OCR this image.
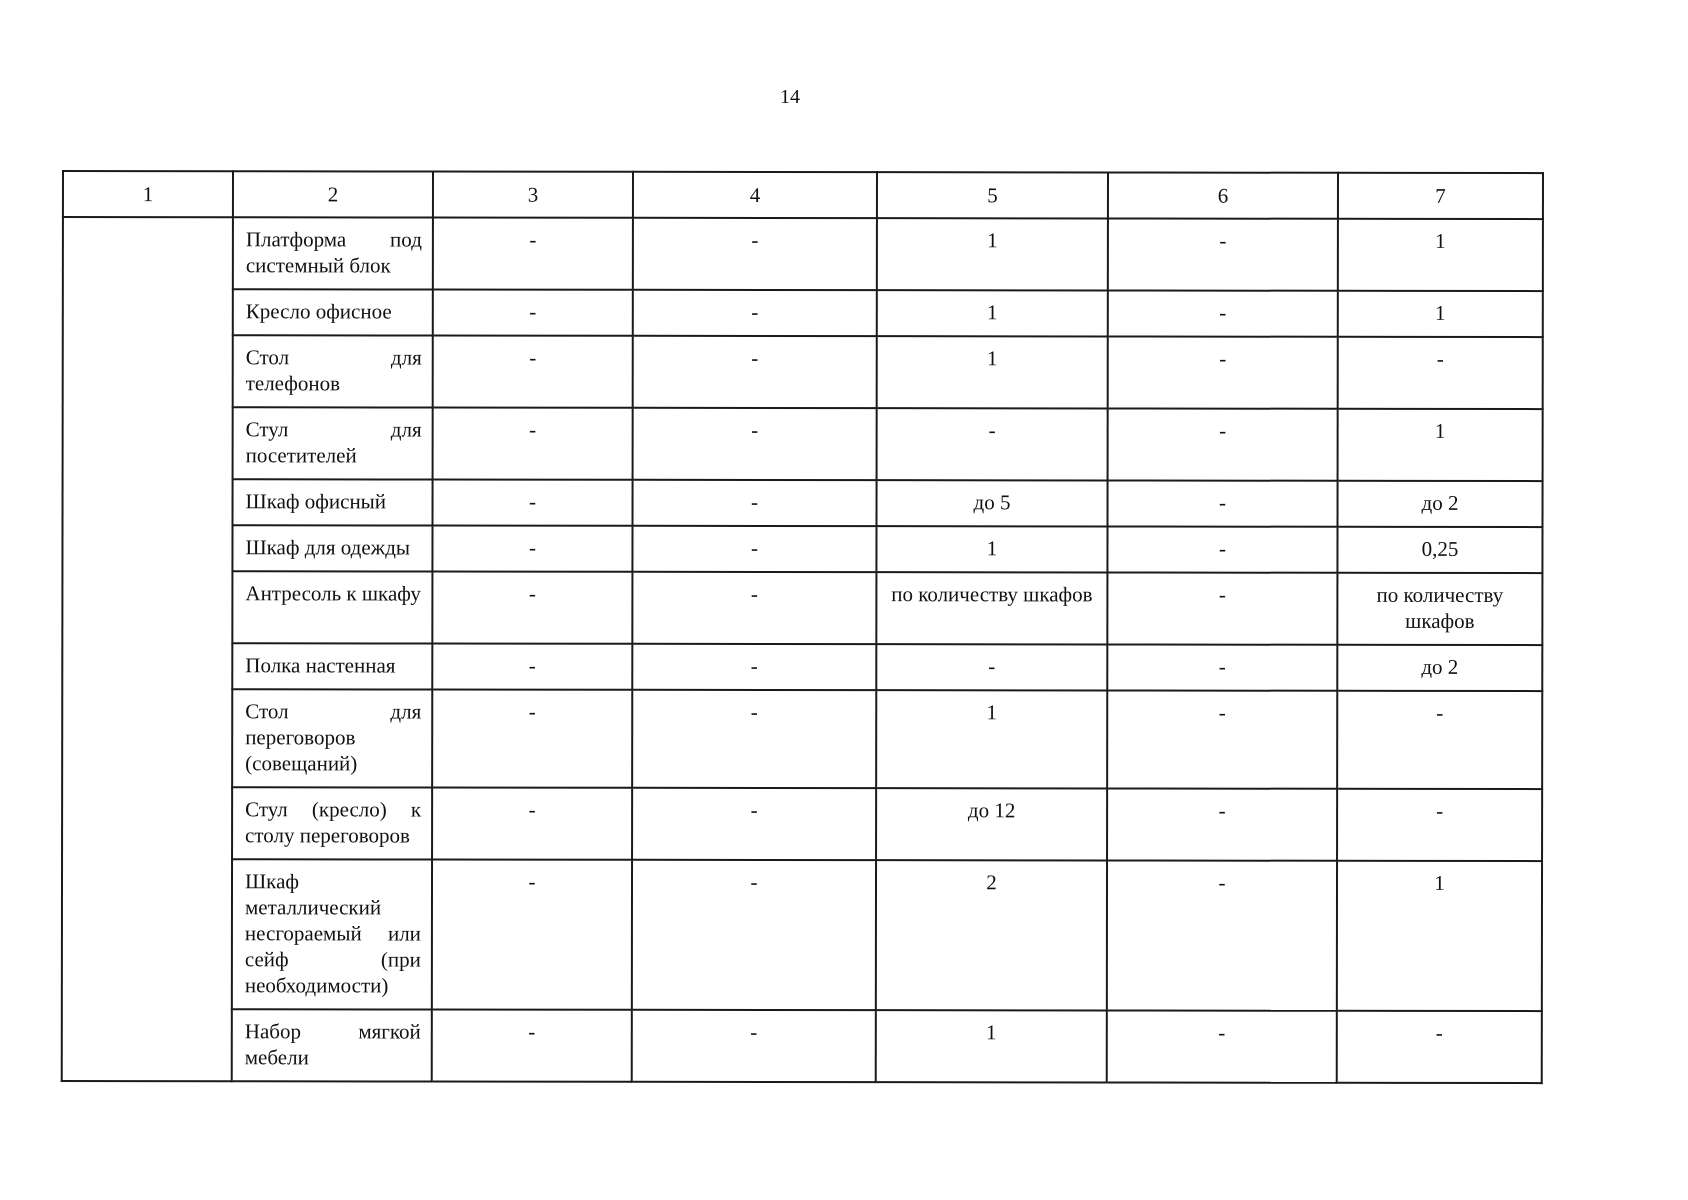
14
1	2	3	4	5	6	7
	Платформа под системный блок	-	-	1	-	1
	Кресло офисное	-	-	1	-	1
	Стол для телефонов	-	-	1	-	-
	Стул для посетителей	-	-	-	-	1
	Шкаф офисный	-	-	до 5	-	до 2
	Шкаф для одежды	-	-	1	-	0,25
	Антресоль к шкафу	-	-	по количеству шкафов	-	по количеству шкафов
	Полка настенная	-	-	-	-	до 2
	Стол для переговоров (совещаний)	-	-	1	-	-
	Стул (кресло) к столу переговоров	-	-	до 12	-	-
	Шкаф металлический несгораемый или сейф (при необходимости)	-	-	2	-	1
	Набор мягкой мебели	-	-	1	-	-
